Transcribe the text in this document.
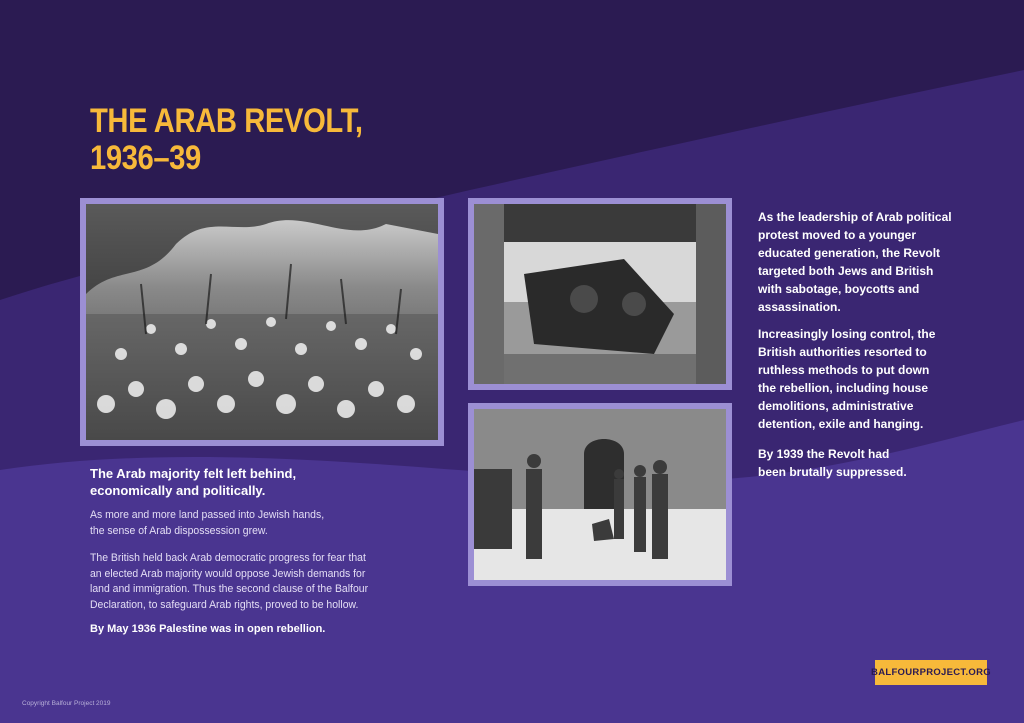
THE ARAB REVOLT,
1936–39
The Arab majority felt left behind,
economically and politically.
As more and more land passed into Jewish hands,
the sense of Arab dispossession grew.
The British held back Arab democratic progress for fear that
an elected Arab majority would oppose Jewish demands for
land and immigration. Thus the second clause of the Balfour
Declaration, to safeguard Arab rights, proved to be hollow.
By May 1936 Palestine was in open rebellion.

As the leadership of Arab political
protest moved to a younger
educated generation, the Revolt
targeted both Jews and British
with sabotage, boycotts and
assassination.

Increasingly losing control, the
British authorities resorted to
ruthless methods to put down
the rebellion, including house
demolitions, administrative
detention, exile and hanging.

By 1939 the Revolt had
been brutally suppressed.

BALFOURPROJECT.ORG
Copyright Balfour Project 2019
